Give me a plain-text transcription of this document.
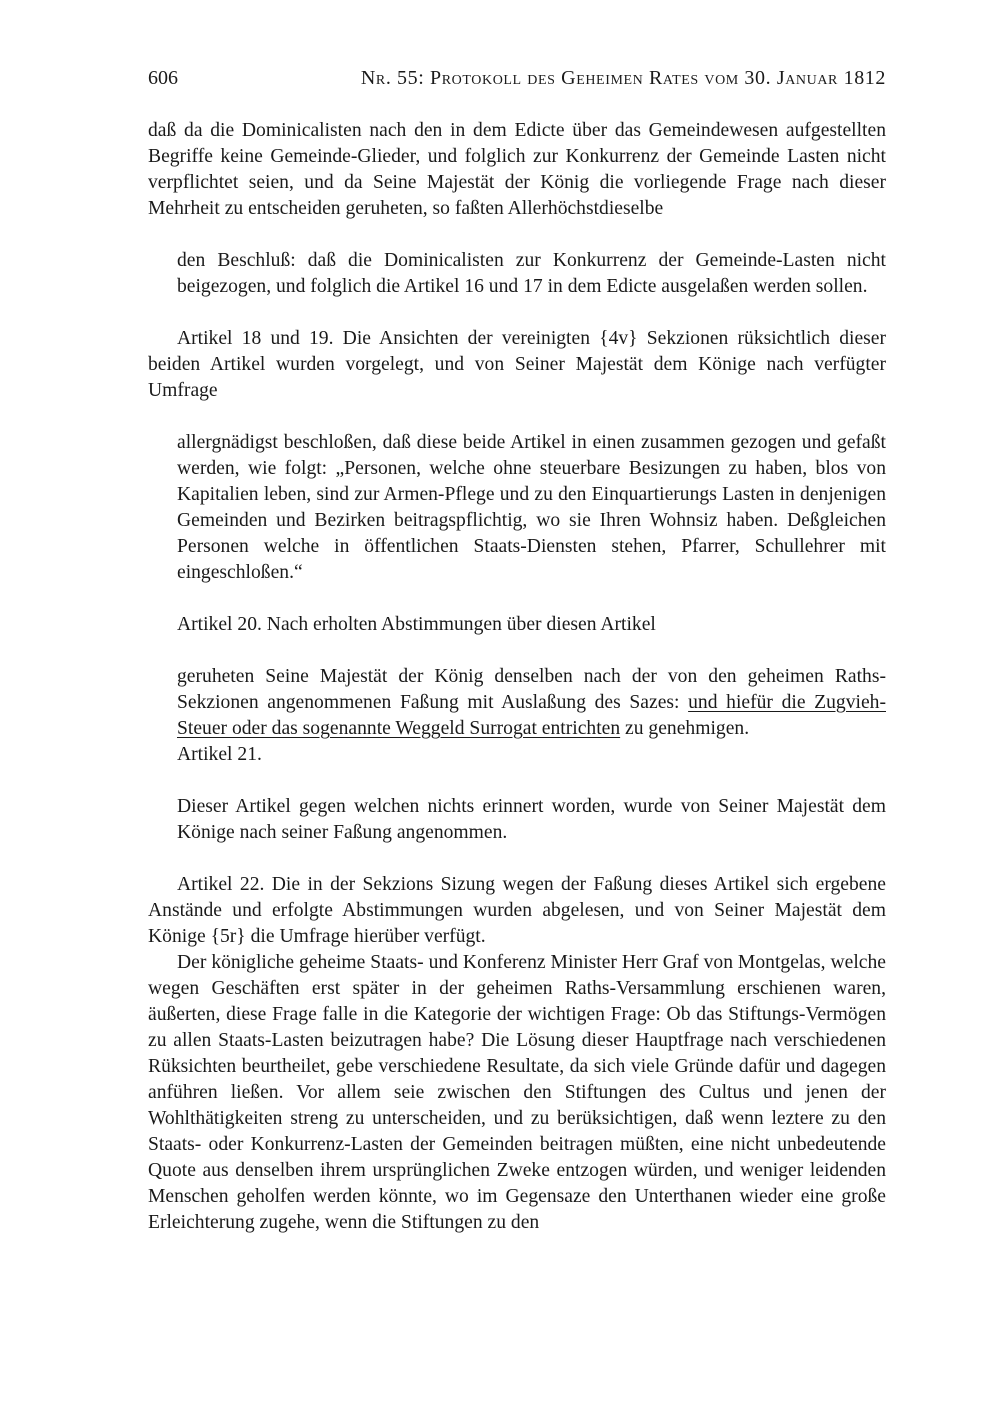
606	Nr. 55: Protokoll des Geheimen Rates vom 30. Januar 1812

daß da die Dominicalisten nach den in dem Edicte über das Gemeindewesen aufgestellten Begriffe keine Gemeinde-Glieder, und folglich zur Konkurrenz der Gemeinde Lasten nicht verpflichtet seien, und da Seine Majestät der König die vorliegende Frage nach dieser Mehrheit zu entscheiden geruheten, so faßten Allerhöchstdieselbe

den Beschluß: daß die Dominicalisten zur Konkurrenz der Gemeinde-Lasten nicht beigezogen, und folglich die Artikel 16 und 17 in dem Edicte ausgelaßen werden sollen.

Artikel 18 und 19. Die Ansichten der vereinigten {4v} Sekzionen rüksichtlich dieser beiden Artikel wurden vorgelegt, und von Seiner Majestät dem Könige nach verfügter Umfrage

allergnädigst beschloßen, daß diese beide Artikel in einen zusammen gezogen und gefaßt werden, wie folgt: „Personen, welche ohne steuerbare Besizungen zu haben, blos von Kapitalien leben, sind zur Armen-Pflege und zu den Einquartierungs Lasten in denjenigen Gemeinden und Bezirken beitragspflichtig, wo sie Ihren Wohnsiz haben. Deßgleichen Personen welche in öffentlichen Staats-Diensten stehen, Pfarrer, Schullehrer mit eingeschloßen.“

Artikel 20. Nach erholten Abstimmungen über diesen Artikel

geruheten Seine Majestät der König denselben nach der von den geheimen Raths-Sekzionen angenommenen Faßung mit Auslaßung des Sazes: und hiefür die Zugvieh-Steuer oder das sogenannte Weggeld Surrogat entrichten zu genehmigen.

Artikel 21.

Dieser Artikel gegen welchen nichts erinnert worden, wurde von Seiner Majestät dem Könige nach seiner Faßung angenommen.

Artikel 22. Die in der Sekzions Sizung wegen der Faßung dieses Artikel sich ergebene Anstände und erfolgte Abstimmungen wurden abgelesen, und von Seiner Majestät dem Könige {5r} die Umfrage hierüber verfügt.

Der königliche geheime Staats- und Konferenz Minister Herr Graf von Montgelas, welche wegen Geschäften erst später in der geheimen Raths-Versammlung erschienen waren, äußerten, diese Frage falle in die Kategorie der wichtigen Frage: Ob das Stiftungs-Vermögen zu allen Staats-Lasten beizutragen habe? Die Lösung dieser Hauptfrage nach verschiedenen Rüksichten beurtheilet, gebe verschiedene Resultate, da sich viele Gründe dafür und dagegen anführen ließen. Vor allem seie zwischen den Stiftungen des Cultus und jenen der Wohlthätigkeiten streng zu unterscheiden, und zu berüksichtigen, daß wenn leztere zu den Staats- oder Konkurrenz-Lasten der Gemeinden beitragen müßten, eine nicht unbedeutende Quote aus denselben ihrem ursprünglichen Zweke entzogen würden, und weniger leidenden Menschen geholfen werden könnte, wo im Gegensaze den Unterthanen wieder eine große Erleichterung zugehe, wenn die Stiftungen zu den
